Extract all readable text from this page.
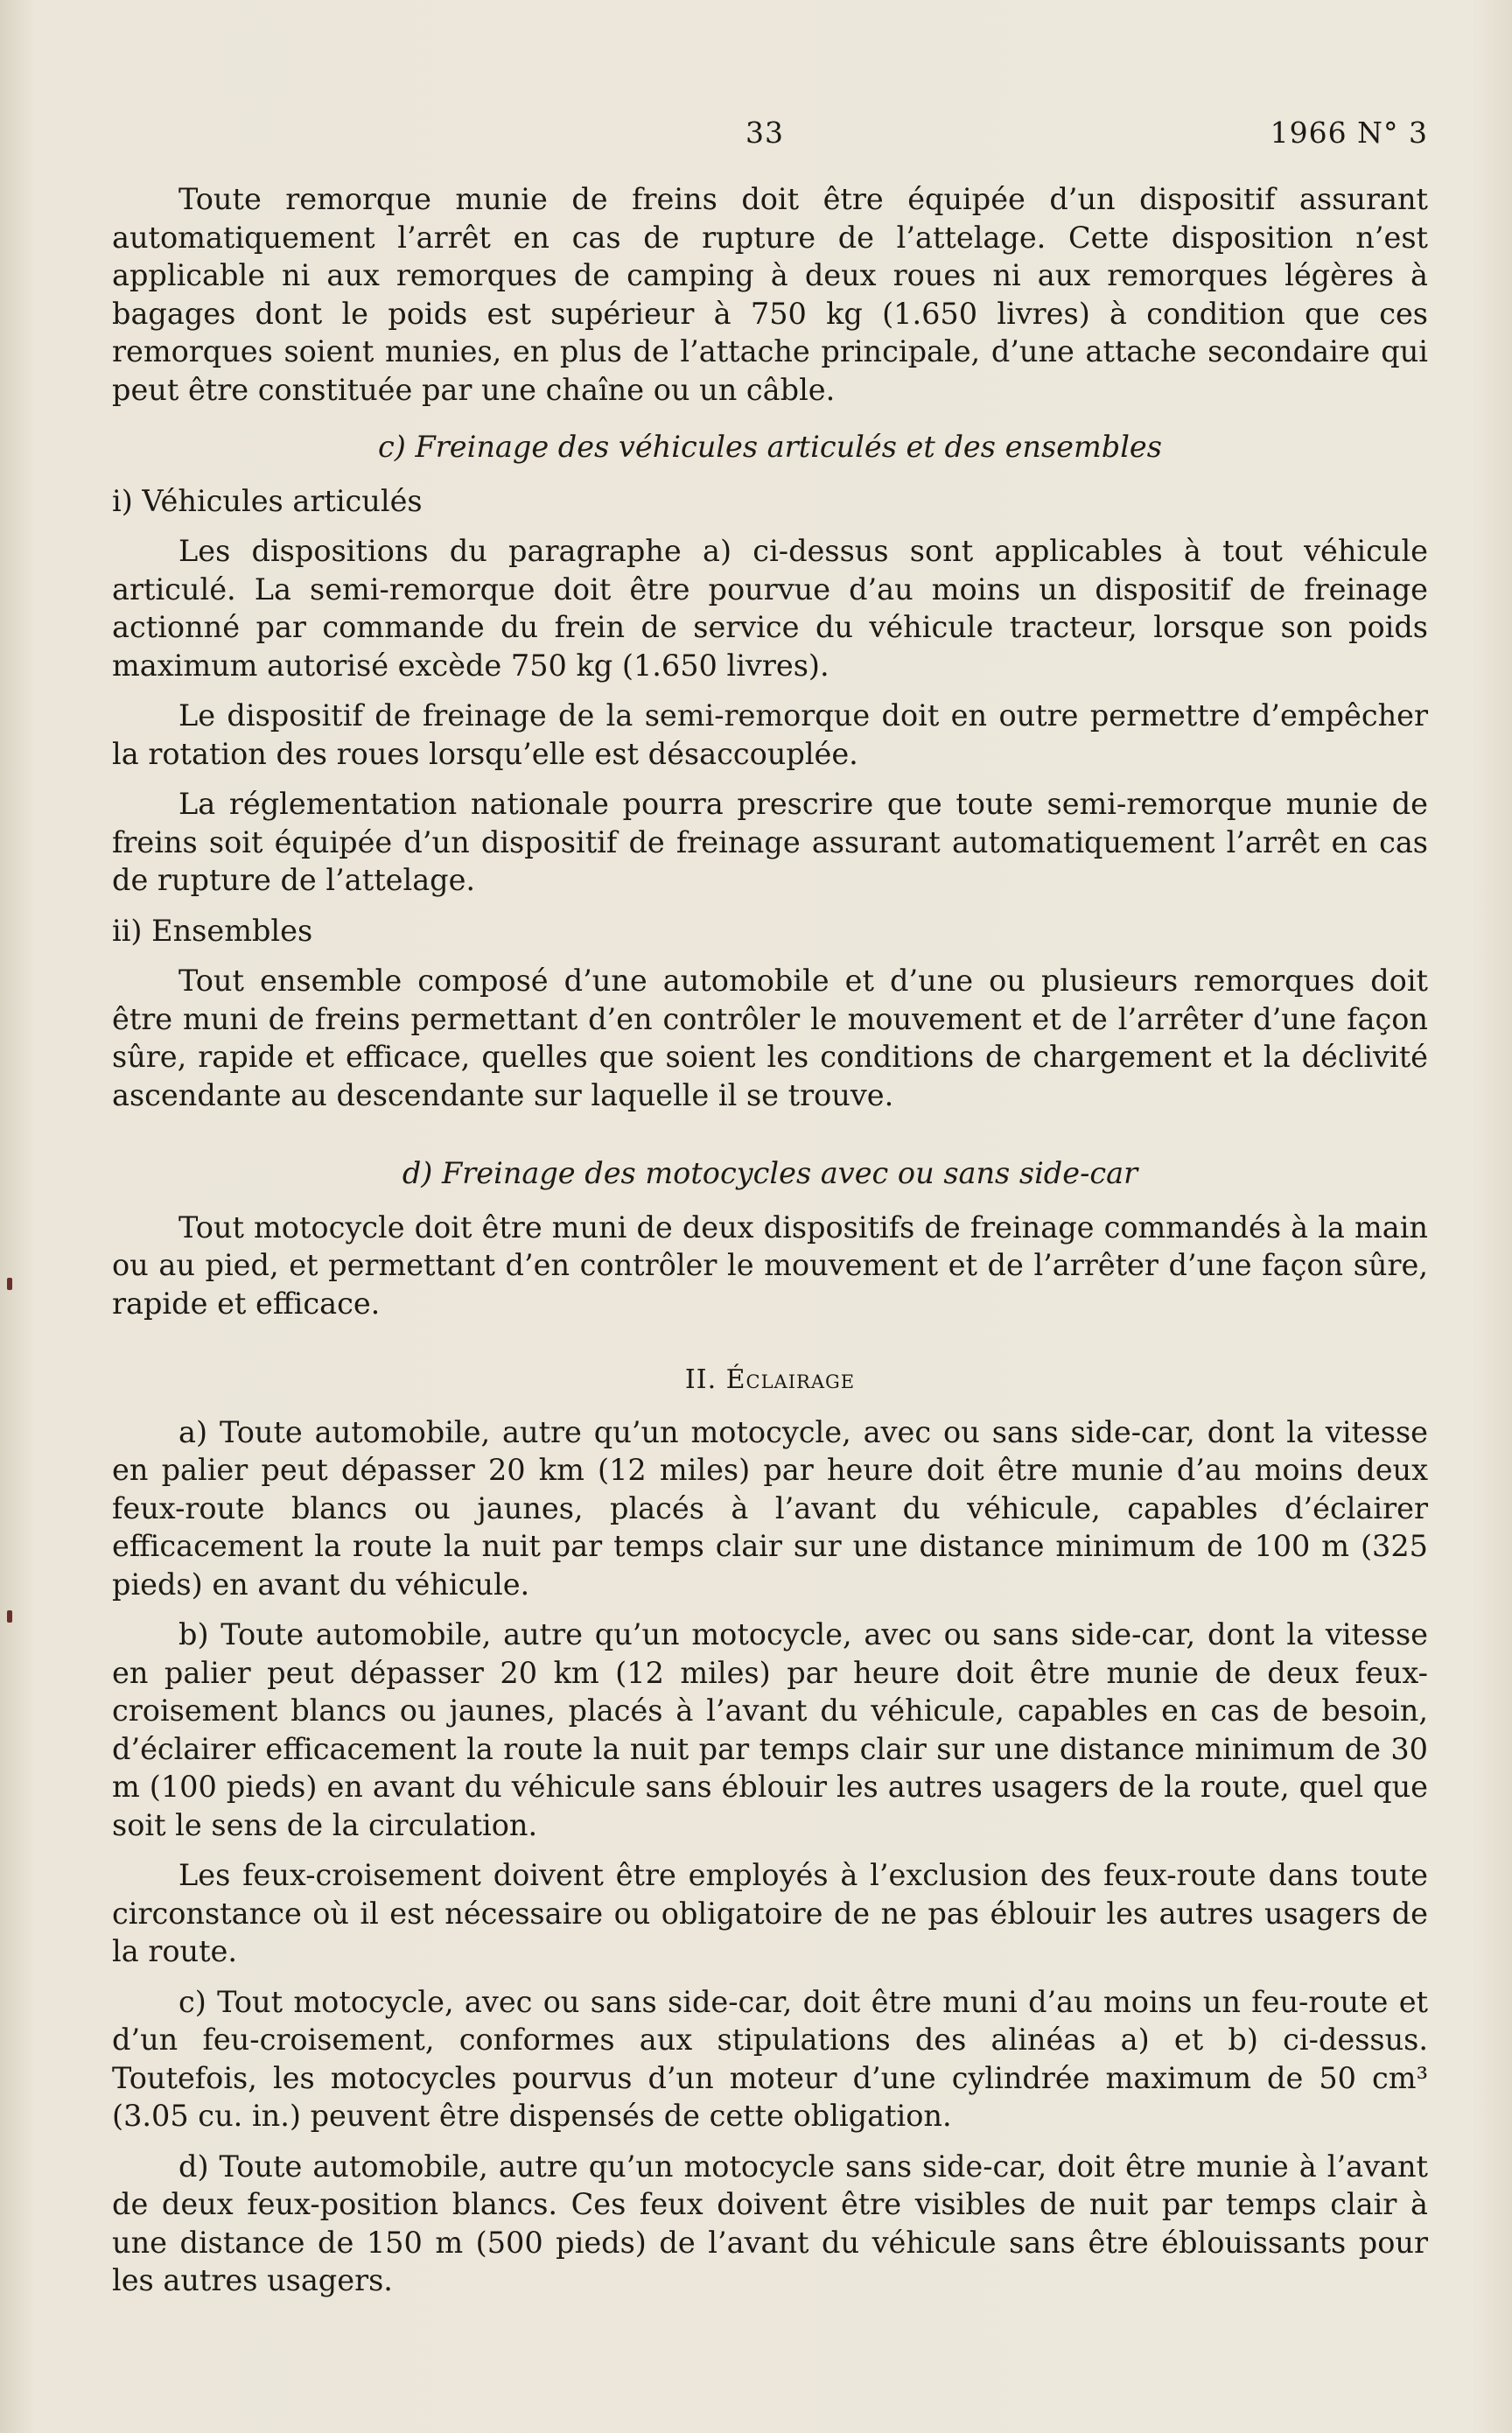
33	1966 N° 3

Toute remorque munie de freins doit être équipée d’un dispositif assurant automatiquement l’arrêt en cas de rupture de l’attelage. Cette disposition n’est applicable ni aux remorques de camping à deux roues ni aux remorques légères à bagages dont le poids est supérieur à 750 kg (1.650 livres) à condition que ces remorques soient munies, en plus de l’attache principale, d’une attache secondaire qui peut être constituée par une chaîne ou un câble.

c) Freinage des véhicules articulés et des ensembles

i) Véhicules articulés

Les dispositions du paragraphe a) ci-dessus sont applicables à tout véhicule articulé. La semi-remorque doit être pourvue d’au moins un dispositif de freinage actionné par commande du frein de service du véhicule tracteur, lorsque son poids maximum autorisé excède 750 kg (1.650 livres).

Le dispositif de freinage de la semi-remorque doit en outre permettre d’empêcher la rotation des roues lorsqu’elle est désaccouplée.

La réglementation nationale pourra prescrire que toute semi-remorque munie de freins soit équipée d’un dispositif de freinage assurant automatiquement l’arrêt en cas de rupture de l’attelage.

ii) Ensembles

Tout ensemble composé d’une automobile et d’une ou plusieurs remorques doit être muni de freins permettant d’en contrôler le mouvement et de l’arrêter d’une façon sûre, rapide et efficace, quelles que soient les conditions de chargement et la déclivité ascendante au descendante sur laquelle il se trouve.

d) Freinage des motocycles avec ou sans side-car

Tout motocycle doit être muni de deux dispositifs de freinage commandés à la main ou au pied, et permettant d’en contrôler le mouvement et de l’arrêter d’une façon sûre, rapide et efficace.

II. Éclairage

a) Toute automobile, autre qu’un motocycle, avec ou sans side-car, dont la vitesse en palier peut dépasser 20 km (12 miles) par heure doit être munie d’au moins deux feux-route blancs ou jaunes, placés à l’avant du véhicule, capables d’éclairer efficacement la route la nuit par temps clair sur une distance minimum de 100 m (325 pieds) en avant du véhicule.

b) Toute automobile, autre qu’un motocycle, avec ou sans side-car, dont la vitesse en palier peut dépasser 20 km (12 miles) par heure doit être munie de deux feux-croisement blancs ou jaunes, placés à l’avant du véhicule, capables en cas de besoin, d’éclairer efficacement la route la nuit par temps clair sur une distance minimum de 30 m (100 pieds) en avant du véhicule sans éblouir les autres usagers de la route, quel que soit le sens de la circulation.

Les feux-croisement doivent être employés à l’exclusion des feux-route dans toute circonstance où il est nécessaire ou obligatoire de ne pas éblouir les autres usagers de la route.

c) Tout motocycle, avec ou sans side-car, doit être muni d’au moins un feu-route et d’un feu-croisement, conformes aux stipulations des alinéas a) et b) ci-dessus. Toutefois, les motocycles pourvus d’un moteur d’une cylindrée maximum de 50 cm³ (3.05 cu. in.) peuvent être dispensés de cette obligation.

d) Toute automobile, autre qu’un motocycle sans side-car, doit être munie à l’avant de deux feux-position blancs. Ces feux doivent être visibles de nuit par temps clair à une distance de 150 m (500 pieds) de l’avant du véhicule sans être éblouissants pour les autres usagers.
